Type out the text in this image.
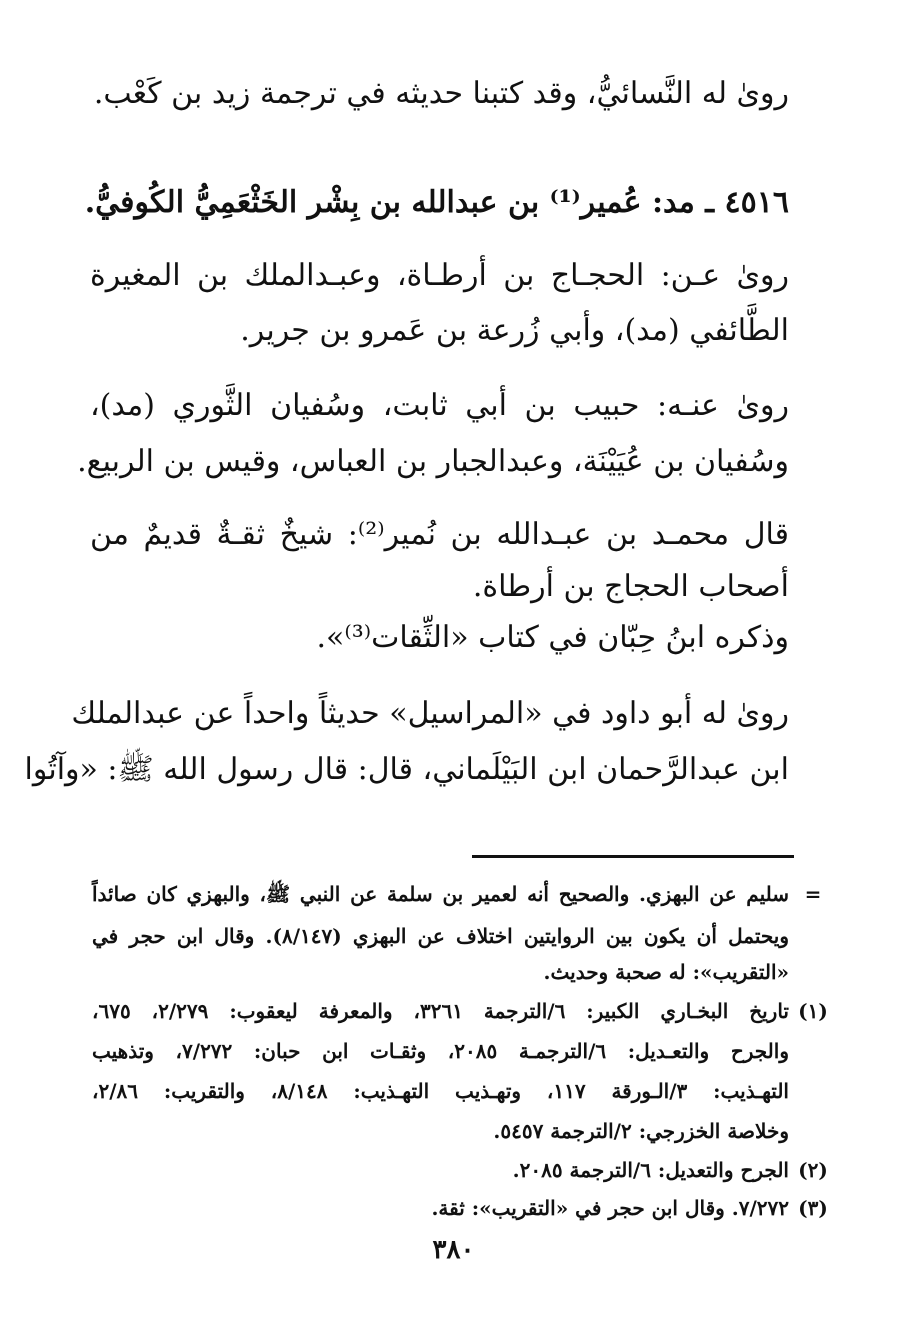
روىٰ له النَّسائيُّ، وقد كتبنا حديثه في ترجمة زيد بن كَعْب.
٤٥١٦ ـ مد: عُمير⁽¹⁾ بن عبدالله بن بِشْر الخَثْعَمِيُّ الكُوفيُّ.
روىٰ عـن: الحجـاج بن أرطـاة، وعبـدالملك بن المغيرة
الطَّائفي (مد)، وأبي زُرعة بن عَمرو بن جرير.
روىٰ عنـه: حبيب بن أبي ثابت، وسُفيان الثَّوري (مد)،
وسُفيان بن عُيَيْنَة، وعبدالجبار بن العباس، وقيس بن الربيع.
قال محمـد بن عبـدالله بن نُمير⁽²⁾: شيخٌ ثقـةٌ قديمٌ من
أصحاب الحجاج بن أرطاة.
وذكره ابنُ حِبّان في كتاب «الثِّقات⁽³⁾».
روىٰ له أبو داود في «المراسيل» حديثاً واحداً عن عبدالملك
ابن عبدالرَّحمان ابن البَيْلَماني، قال: قال رسول الله ﷺ: «وآتُوا
=
سليم عن البهزي. والصحيح أنه لعمير بن سلمة عن النبي ﷺ، والبهزي كان صائداً
ويحتمل أن يكون بين الروايتين اختلاف عن البهزي (٨/١٤٧). وقال ابن حجر في
«التقريب»: له صحبة وحديث.
(١)
تاريخ البخـاري الكبير: ٦/الترجمة ٣٢٦١، والمعرفة ليعقوب: ٢/٢٧٩، ٦٧٥،
والجرح والتعـديل: ٦/الترجمـة ٢٠٨٥، وثقـات ابن حبان: ٧/٢٧٢، وتذهيب
التهـذيب: ٣/الـورقة ١١٧، وتهـذيب التهـذيب: ٨/١٤٨، والتقريب: ٢/٨٦،
وخلاصة الخزرجي: ٢/الترجمة ٥٤٥٧.
(٢)
الجرح والتعديل: ٦/الترجمة ٢٠٨٥.
(٣)
٧/٢٧٢. وقال ابن حجر في «التقريب»: ثقة.
٣٨٠
